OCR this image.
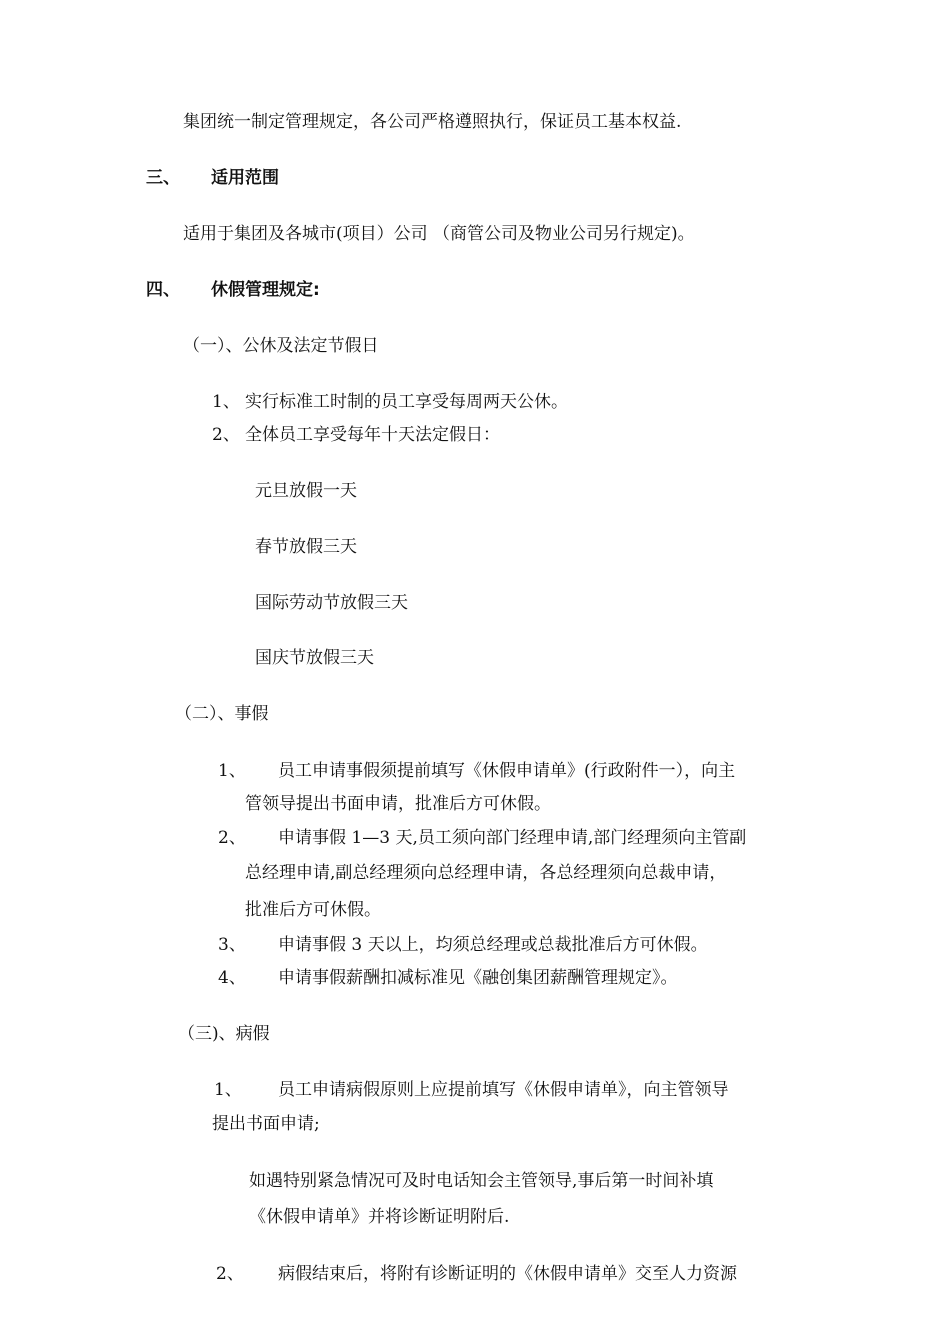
集团统一制定管理规定，各公司严格遵照执行，保证员工基本权益.
三、 适用范围
适用于集团及各城市(项目）公司 （商管公司及物业公司另行规定)。
四、 休假管理规定:
（一）、公休及法定节假日
1、 实行标准工时制的员工享受每周两天公休。
2、 全体员工享受每年十天法定假日：
元旦放假一天
春节放假三天
国际劳动节放假三天
国庆节放假三天
（二）、事假
1、 员工申请事假须提前填写《休假申请单》(行政附件一），向主
管领导提出书面申请，批准后方可休假。
2、 申请事假 1—3 天,员工须向部门经理申请,部门经理须向主管副
总经理申请,副总经理须向总经理申请，各总经理须向总裁申请，
批准后方可休假。
3、 申请事假 3 天以上，均须总经理或总裁批准后方可休假。
4、 申请事假薪酬扣减标准见《融创集团薪酬管理规定》。
（三)、病假
1、 员工申请病假原则上应提前填写《休假申请单》，向主管领导
提出书面申请;
如遇特别紧急情况可及时电话知会主管领导,事后第一时间补填
《休假申请单》并将诊断证明附后.
2、 病假结束后，将附有诊断证明的《休假申请单》交至人力资源
